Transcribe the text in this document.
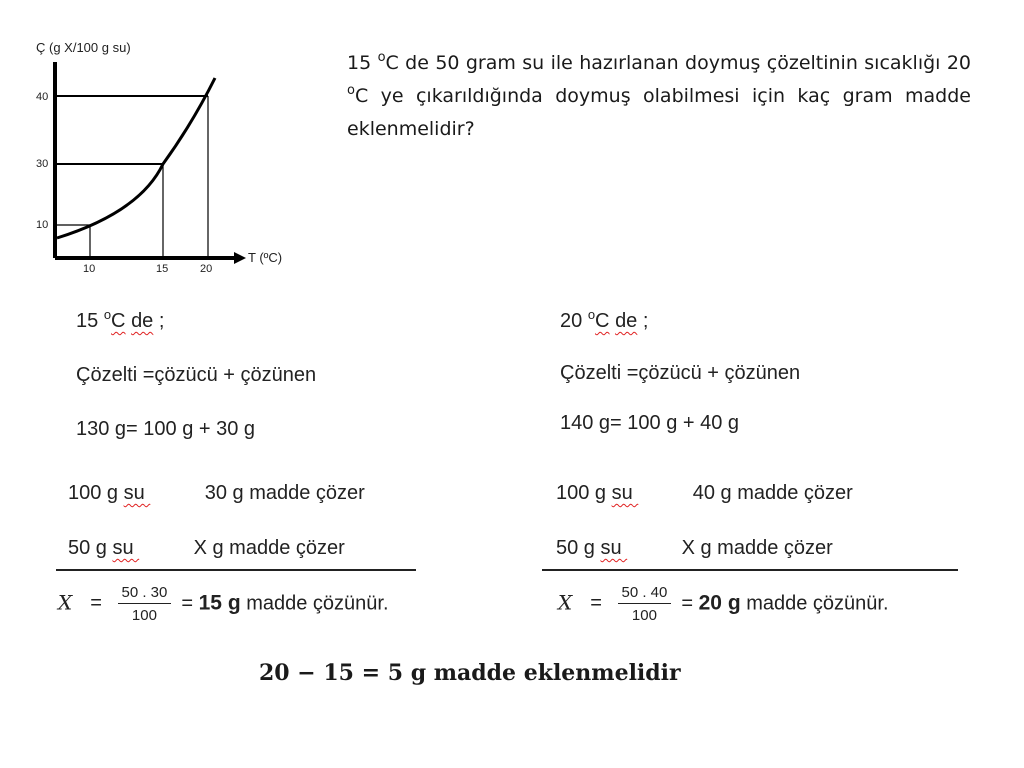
Ç (g X/100 g su)
T (ºC)
40
30
10
10	15	20
15 $^o$C de 50 gram su ile hazırlanan doymuş çözeltinin sıcaklığı 20 $^o$C ye çıkarıldığında doymuş olabilmesi için kaç gram madde eklenmelidir?
15 $^o$C de ;
Çözelti =çözücü + çözünen
130 g= 100 g + 30 g
100 g su	30 g madde çözer
50 g su	X g madde çözer
$X = \frac{50 . 30}{100} = 15$ g madde çözünür.
20 $^o$C de ;
Çözelti =çözücü + çözünen
140 g= 100 g + 40 g
100 g su	40 g madde çözer
50 g su	X g madde çözer
$X = \frac{50 . 40}{100} = 20$ g madde çözünür.
20 − 15 = 5 g madde eklenmelidir
